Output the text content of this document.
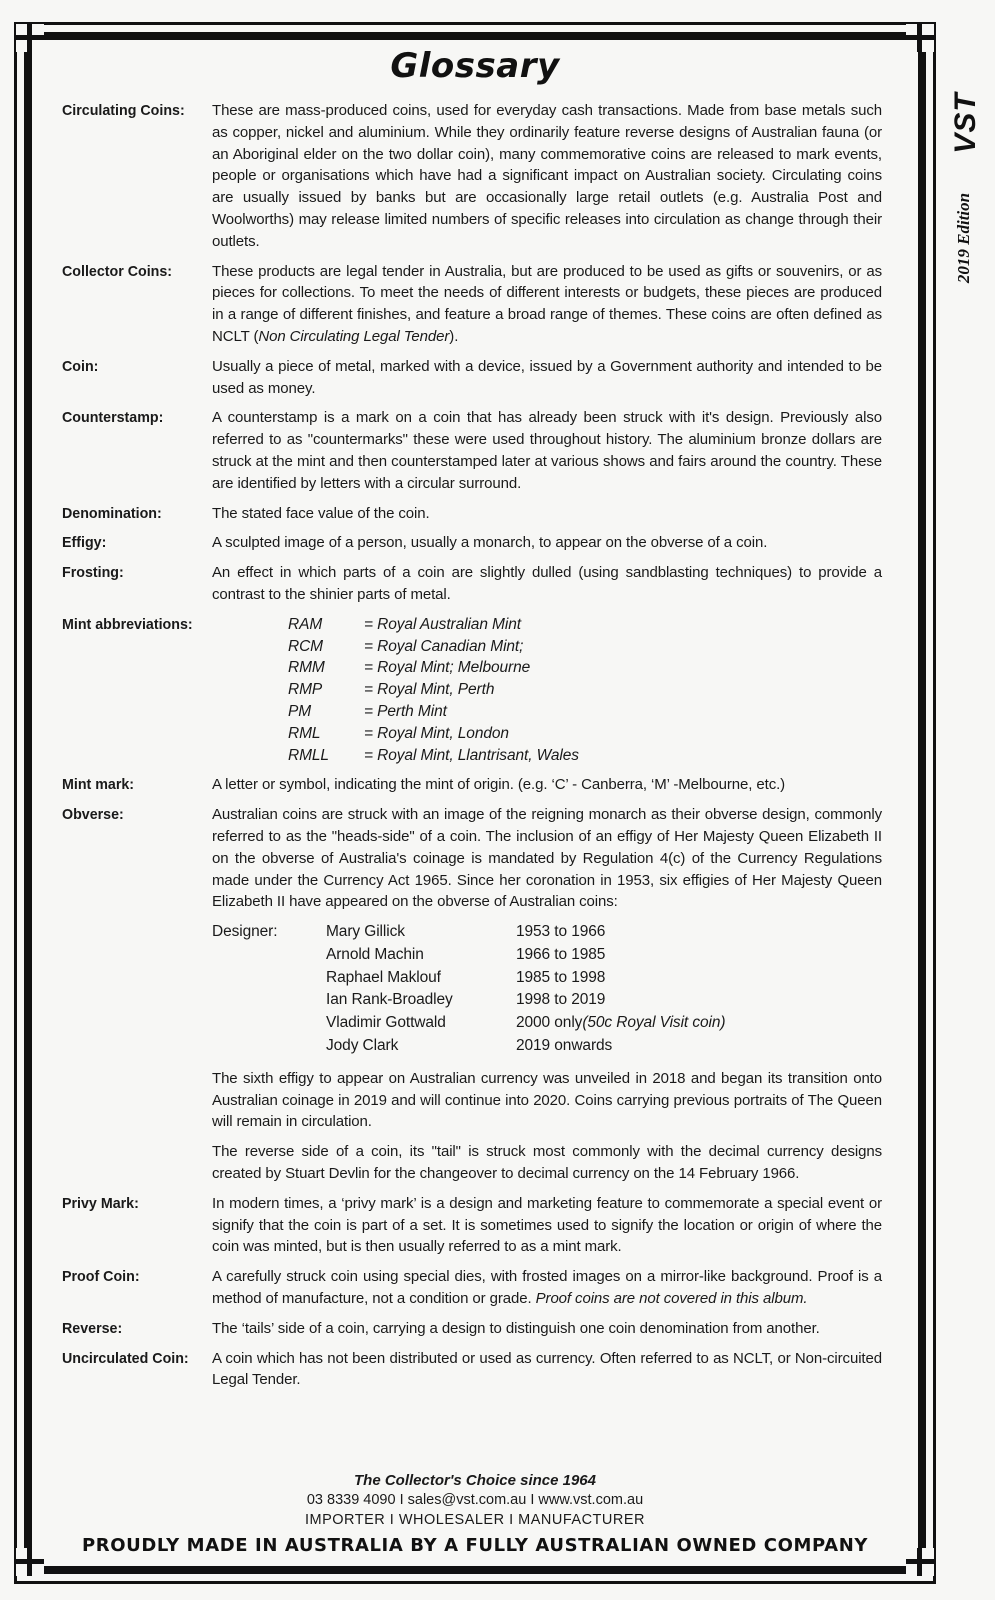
VST
2019 Edition
Glossary
Circulating Coins:	These are mass-produced coins, used for everyday cash transactions. Made from base metals such as copper, nickel and aluminium. While they ordinarily feature reverse designs of Australian fauna (or an Aboriginal elder on the two dollar coin), many commemorative coins are released to mark events, people or organisations which have had a significant impact on Australian society. Circulating coins are usually issued by banks but are occasionally large retail outlets (e.g. Australia Post and Woolworths) may release limited numbers of specific releases into circulation as change through their outlets.
Collector Coins:	These products are legal tender in Australia, but are produced to be used as gifts or souvenirs, or as pieces for collections. To meet the needs of different interests or budgets, these pieces are produced in a range of different finishes, and feature a broad range of themes. These coins are often defined as NCLT (Non Circulating Legal Tender).
Coin:	Usually a piece of metal, marked with a device, issued by a Government authority and intended to be used as money.
Counterstamp:	A counterstamp is a mark on a coin that has already been struck with it's design. Previously also referred to as "countermarks" these were used throughout history. The aluminium bronze dollars are struck at the mint and then counterstamped later at various shows and fairs around the country. These are identified by letters with a circular surround.
Denomination:	The stated face value of the coin.
Effigy:	A sculpted image of a person, usually a monarch, to appear on the obverse of a coin.
Frosting:	An effect in which parts of a coin are slightly dulled (using sandblasting techniques) to provide a contrast to the shinier parts of metal.
Mint abbreviations:	RAM	= Royal Australian Mint
RCM	= Royal Canadian Mint;
RMM	= Royal Mint; Melbourne
RMP	= Royal Mint, Perth
PM	= Perth Mint
RML	= Royal Mint, London
RMLL	= Royal Mint, Llantrisant, Wales
Mint mark:	A letter or symbol, indicating the mint of origin. (e.g. ‘C’ - Canberra, ‘M’ -Melbourne, etc.)
Obverse:	Australian coins are struck with an image of the reigning monarch as their obverse design, commonly referred to as the "heads-side" of a coin. The inclusion of an effigy of Her Majesty Queen Elizabeth II on the obverse of Australia's coinage is mandated by Regulation 4(c) of the Currency Regulations made under the Currency Act 1965. Since her coronation in 1953, six effigies of Her Majesty Queen Elizabeth II have appeared on the obverse of Australian coins:

Designer:	Mary Gillick	1953 to 1966
Arnold Machin	1966 to 1985
Raphael Maklouf	1985 to 1998
Ian Rank-Broadley	1998 to 2019
Vladimir Gottwald	2000 only (50c Royal Visit coin)
Jody Clark	2019 onwards

The sixth effigy to appear on Australian currency was unveiled in 2018 and began its transition onto Australian coinage in 2019 and will continue into 2020. Coins carrying previous portraits of The Queen will remain in circulation.

The reverse side of a coin, its "tail" is struck most commonly with the decimal currency designs created by Stuart Devlin for the changeover to decimal currency on the 14 February 1966.

Privy Mark:	In modern times, a ‘privy mark’ is a design and marketing feature to commemorate a special event or signify that the coin is part of a set. It is sometimes used to signify the location or origin of where the coin was minted, but is then usually referred to as a mint mark.
Proof Coin:	A carefully struck coin using special dies, with frosted images on a mirror-like background. Proof is a method of manufacture, not a condition or grade. Proof coins are not covered in this album.
Reverse:	The ‘tails’ side of a coin, carrying a design to distinguish one coin denomination from another.
Uncirculated Coin:	A coin which has not been distributed or used as currency. Often referred to as NCLT, or Non-circuited Legal Tender.
The Collector's Choice since 1964
03 8339 4090 I sales@vst.com.au I www.vst.com.au
IMPORTER I WHOLESALER I MANUFACTURER
PROUDLY MADE IN AUSTRALIA BY A FULLY AUSTRALIAN OWNED COMPANY
